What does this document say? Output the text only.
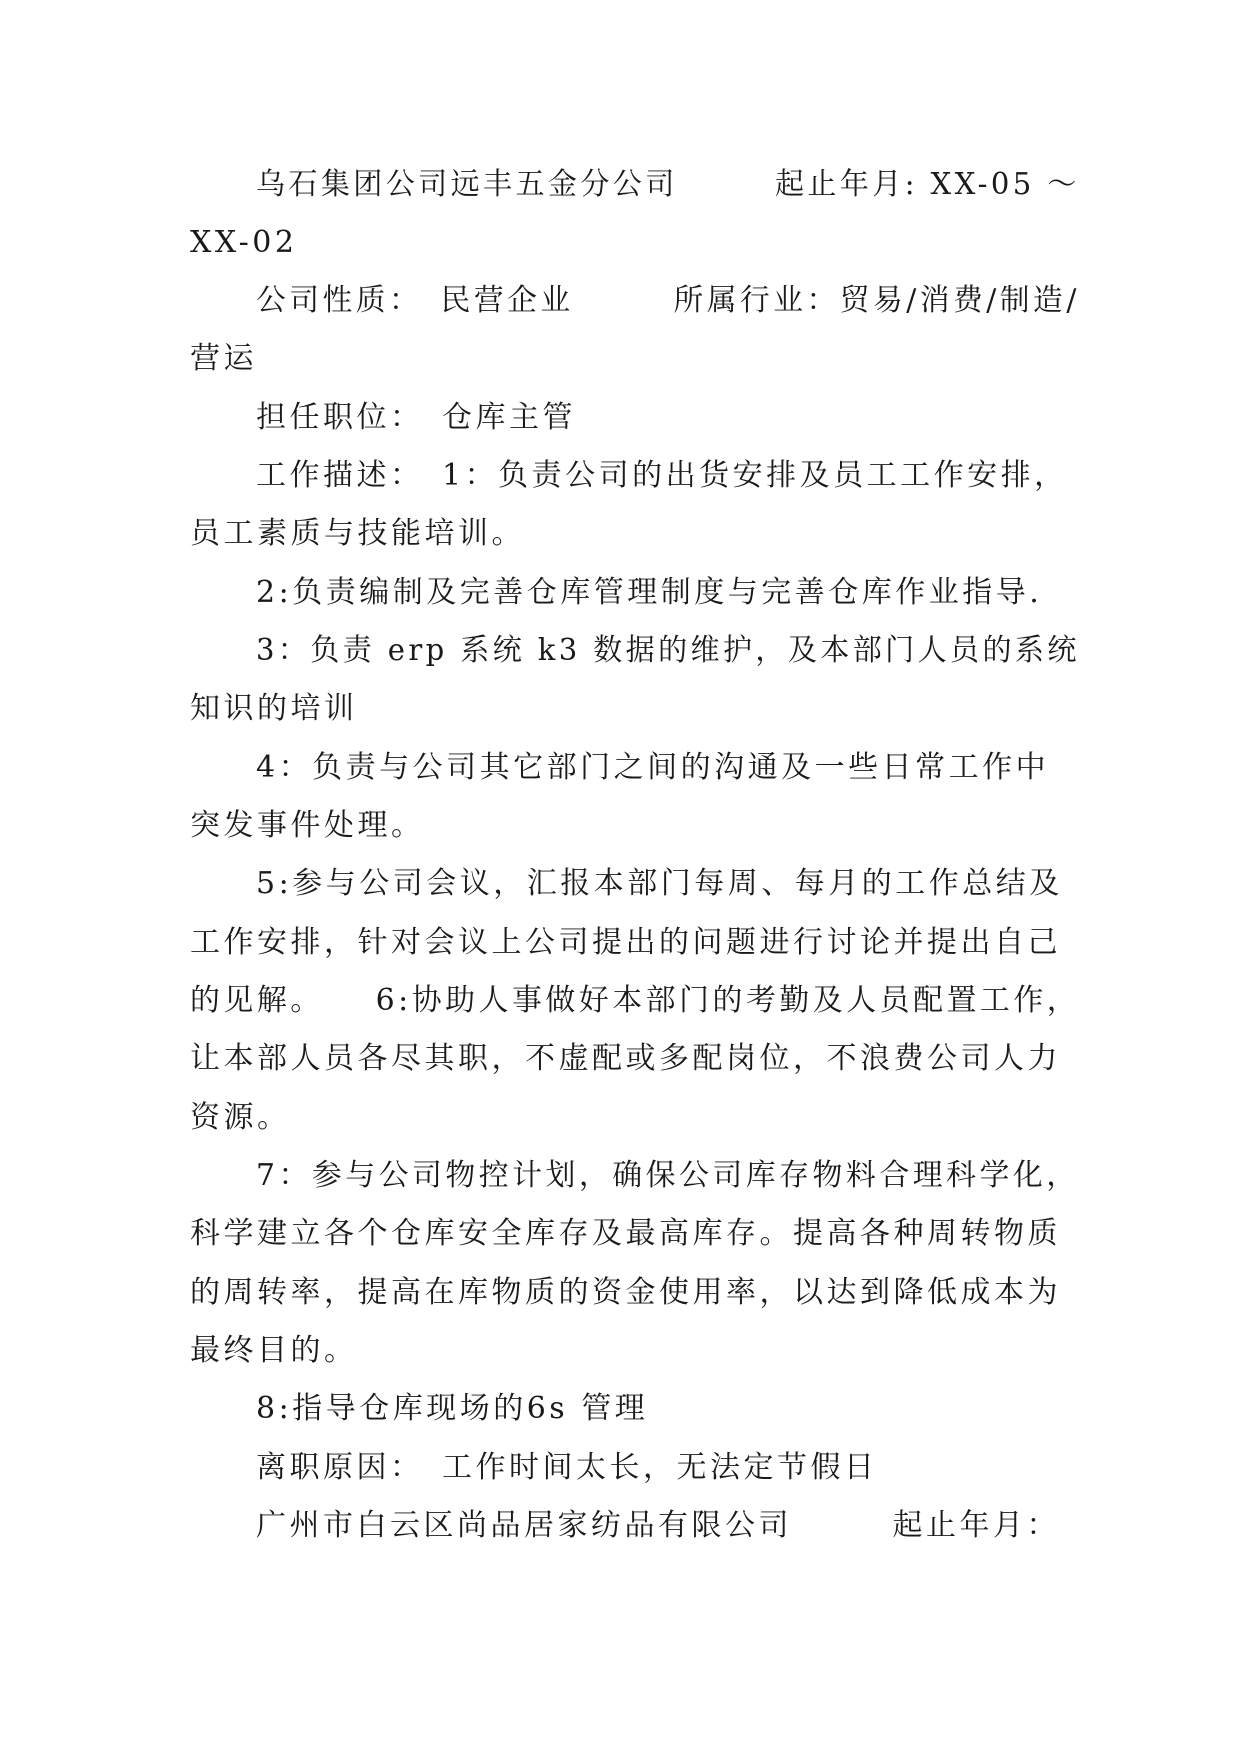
乌石集团公司远丰五金分公司　　　起止年月: XX-05 ～
XX-02
公司性质：　民营企业　　　所属行业：贸易/消费/制造/
营运
担任职位：　仓库主管
工作描述：　1：负责公司的出货安排及员工工作安排，
员工素质与技能培训。
2:负责编制及完善仓库管理制度与完善仓库作业指导.
3：负责 erp 系统 k3 数据的维护，及本部门人员的系统
知识的培训
4：负责与公司其它部门之间的沟通及一些日常工作中
突发事件处理。
5:参与公司会议，汇报本部门每周、每月的工作总结及
工作安排，针对会议上公司提出的问题进行讨论并提出自己
的见解。　　6:协助人事做好本部门的考勤及人员配置工作，
让本部人员各尽其职，不虚配或多配岗位，不浪费公司人力
资源。
7：参与公司物控计划，确保公司库存物料合理科学化，
科学建立各个仓库安全库存及最高库存。提高各种周转物质
的周转率，提高在库物质的资金使用率，以达到降低成本为
最终目的。
8:指导仓库现场的6s 管理
离职原因：　工作时间太长，无法定节假日
广州市白云区尚品居家纺品有限公司　　　起止年月：
